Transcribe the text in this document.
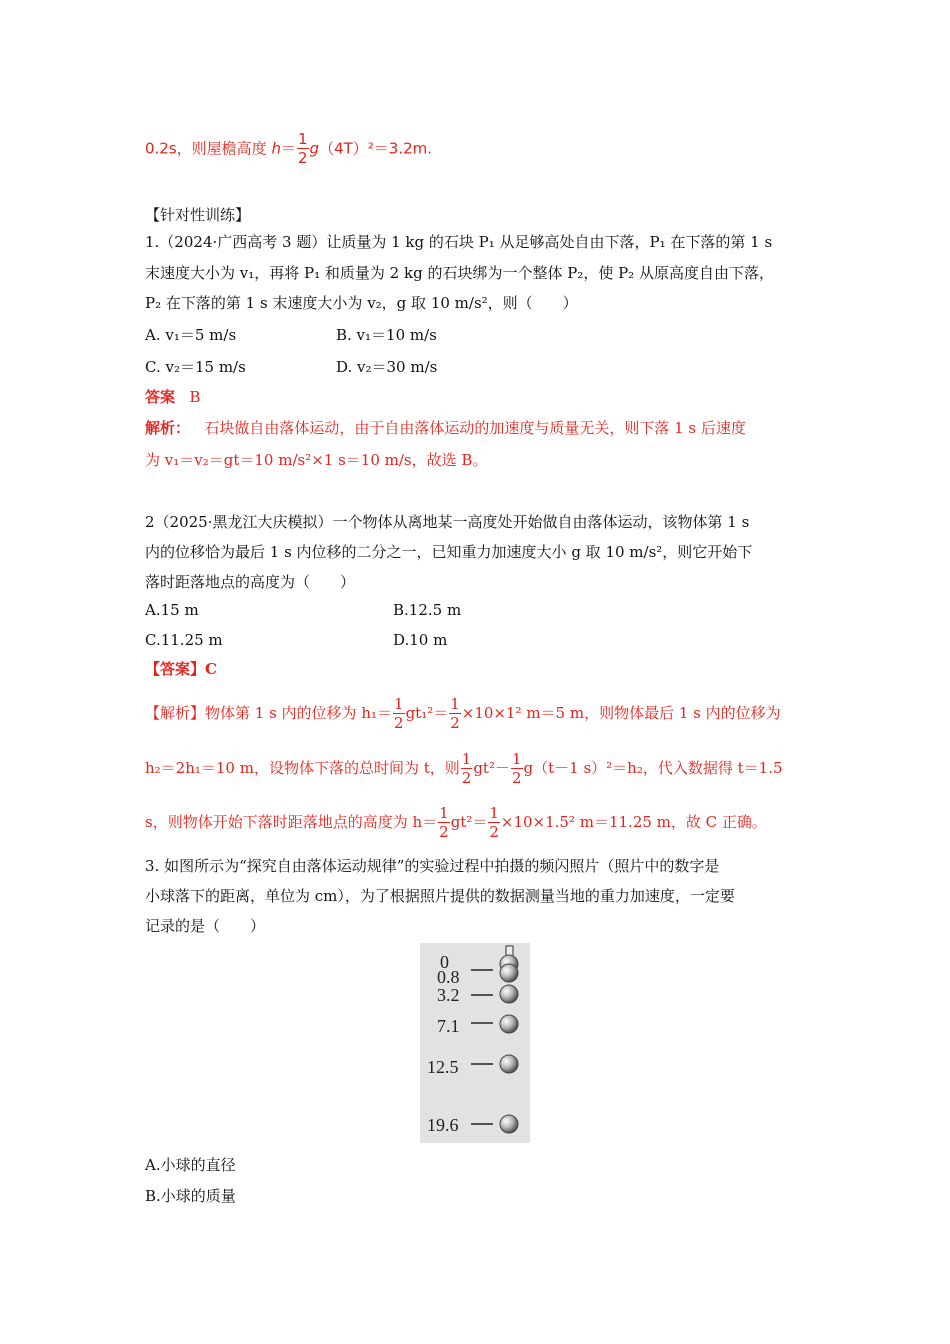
0.2s，则屋檐高度 $h= \frac{1}{2} g(4T)^2=3.2m$.
【针对性训练】
1.（2024·广西高考 3 题）让质量为 1 kg 的石块 P₁ 从足够高处自由下落，P₁ 在下落的第 1 s
末速度大小为 v₁，再将 P₁ 和质量为 2 kg 的石块绑为一个整体 P₂，使 P₂ 从原高度自由下落，
P₂ 在下落的第 1 s 末速度大小为 v₂，g 取 10 m/s²，则（　　）
A. v₁＝5 m/s	B. v₁＝10 m/s
C. v₂＝15 m/s	D. v₂＝30 m/s
答案 B
解析： 石块做自由落体运动，由于自由落体运动的加速度与质量无关，则下落 1 s 后速度
为 v₁＝v₂＝gt＝10 m/s²×1 s＝10 m/s，故选 B。
2（2025·黑龙江大庆模拟）一个物体从离地某一高度处开始做自由落体运动，该物体第 1 s
内的位移恰为最后 1 s 内位移的二分之一，已知重力加速度大小 g 取 10 m/s²，则它开始下
落时距落地点的高度为（　　）
A.15 m	B.12.5 m
C.11.25 m	D.10 m
【答案】C
【解析】物体第 1 s 内的位移为 $h_1= \frac{1}{2} gt_1^2= \frac{1}{2} \times 10\times 1^2$ m＝5 m，则物体最后 1 s 内的位移为
h₂＝2h₁＝10 m，设物体下落的总时间为 t，则 $\frac{1}{2} gt^2- \frac{1}{2} g(t-1$ s）²＝h₂，代入数据得 t＝1.5
s，则物体开始下落时距落地点的高度为 $h= \frac{1}{2} gt^2= \frac{1}{2} \times 10\times 1.5^2$ m＝11.25 m，故 C 正确。
3. 如图所示为“探究自由落体运动规律”的实验过程中拍摄的频闪照片（照片中的数字是
小球落下的距离，单位为 cm），为了根据照片提供的数据测量当地的重力加速度，一定要
记录的是（　　）
0
0.8
3.2
7.1
12.5
19.6
A.小球的直径
B.小球的质量
